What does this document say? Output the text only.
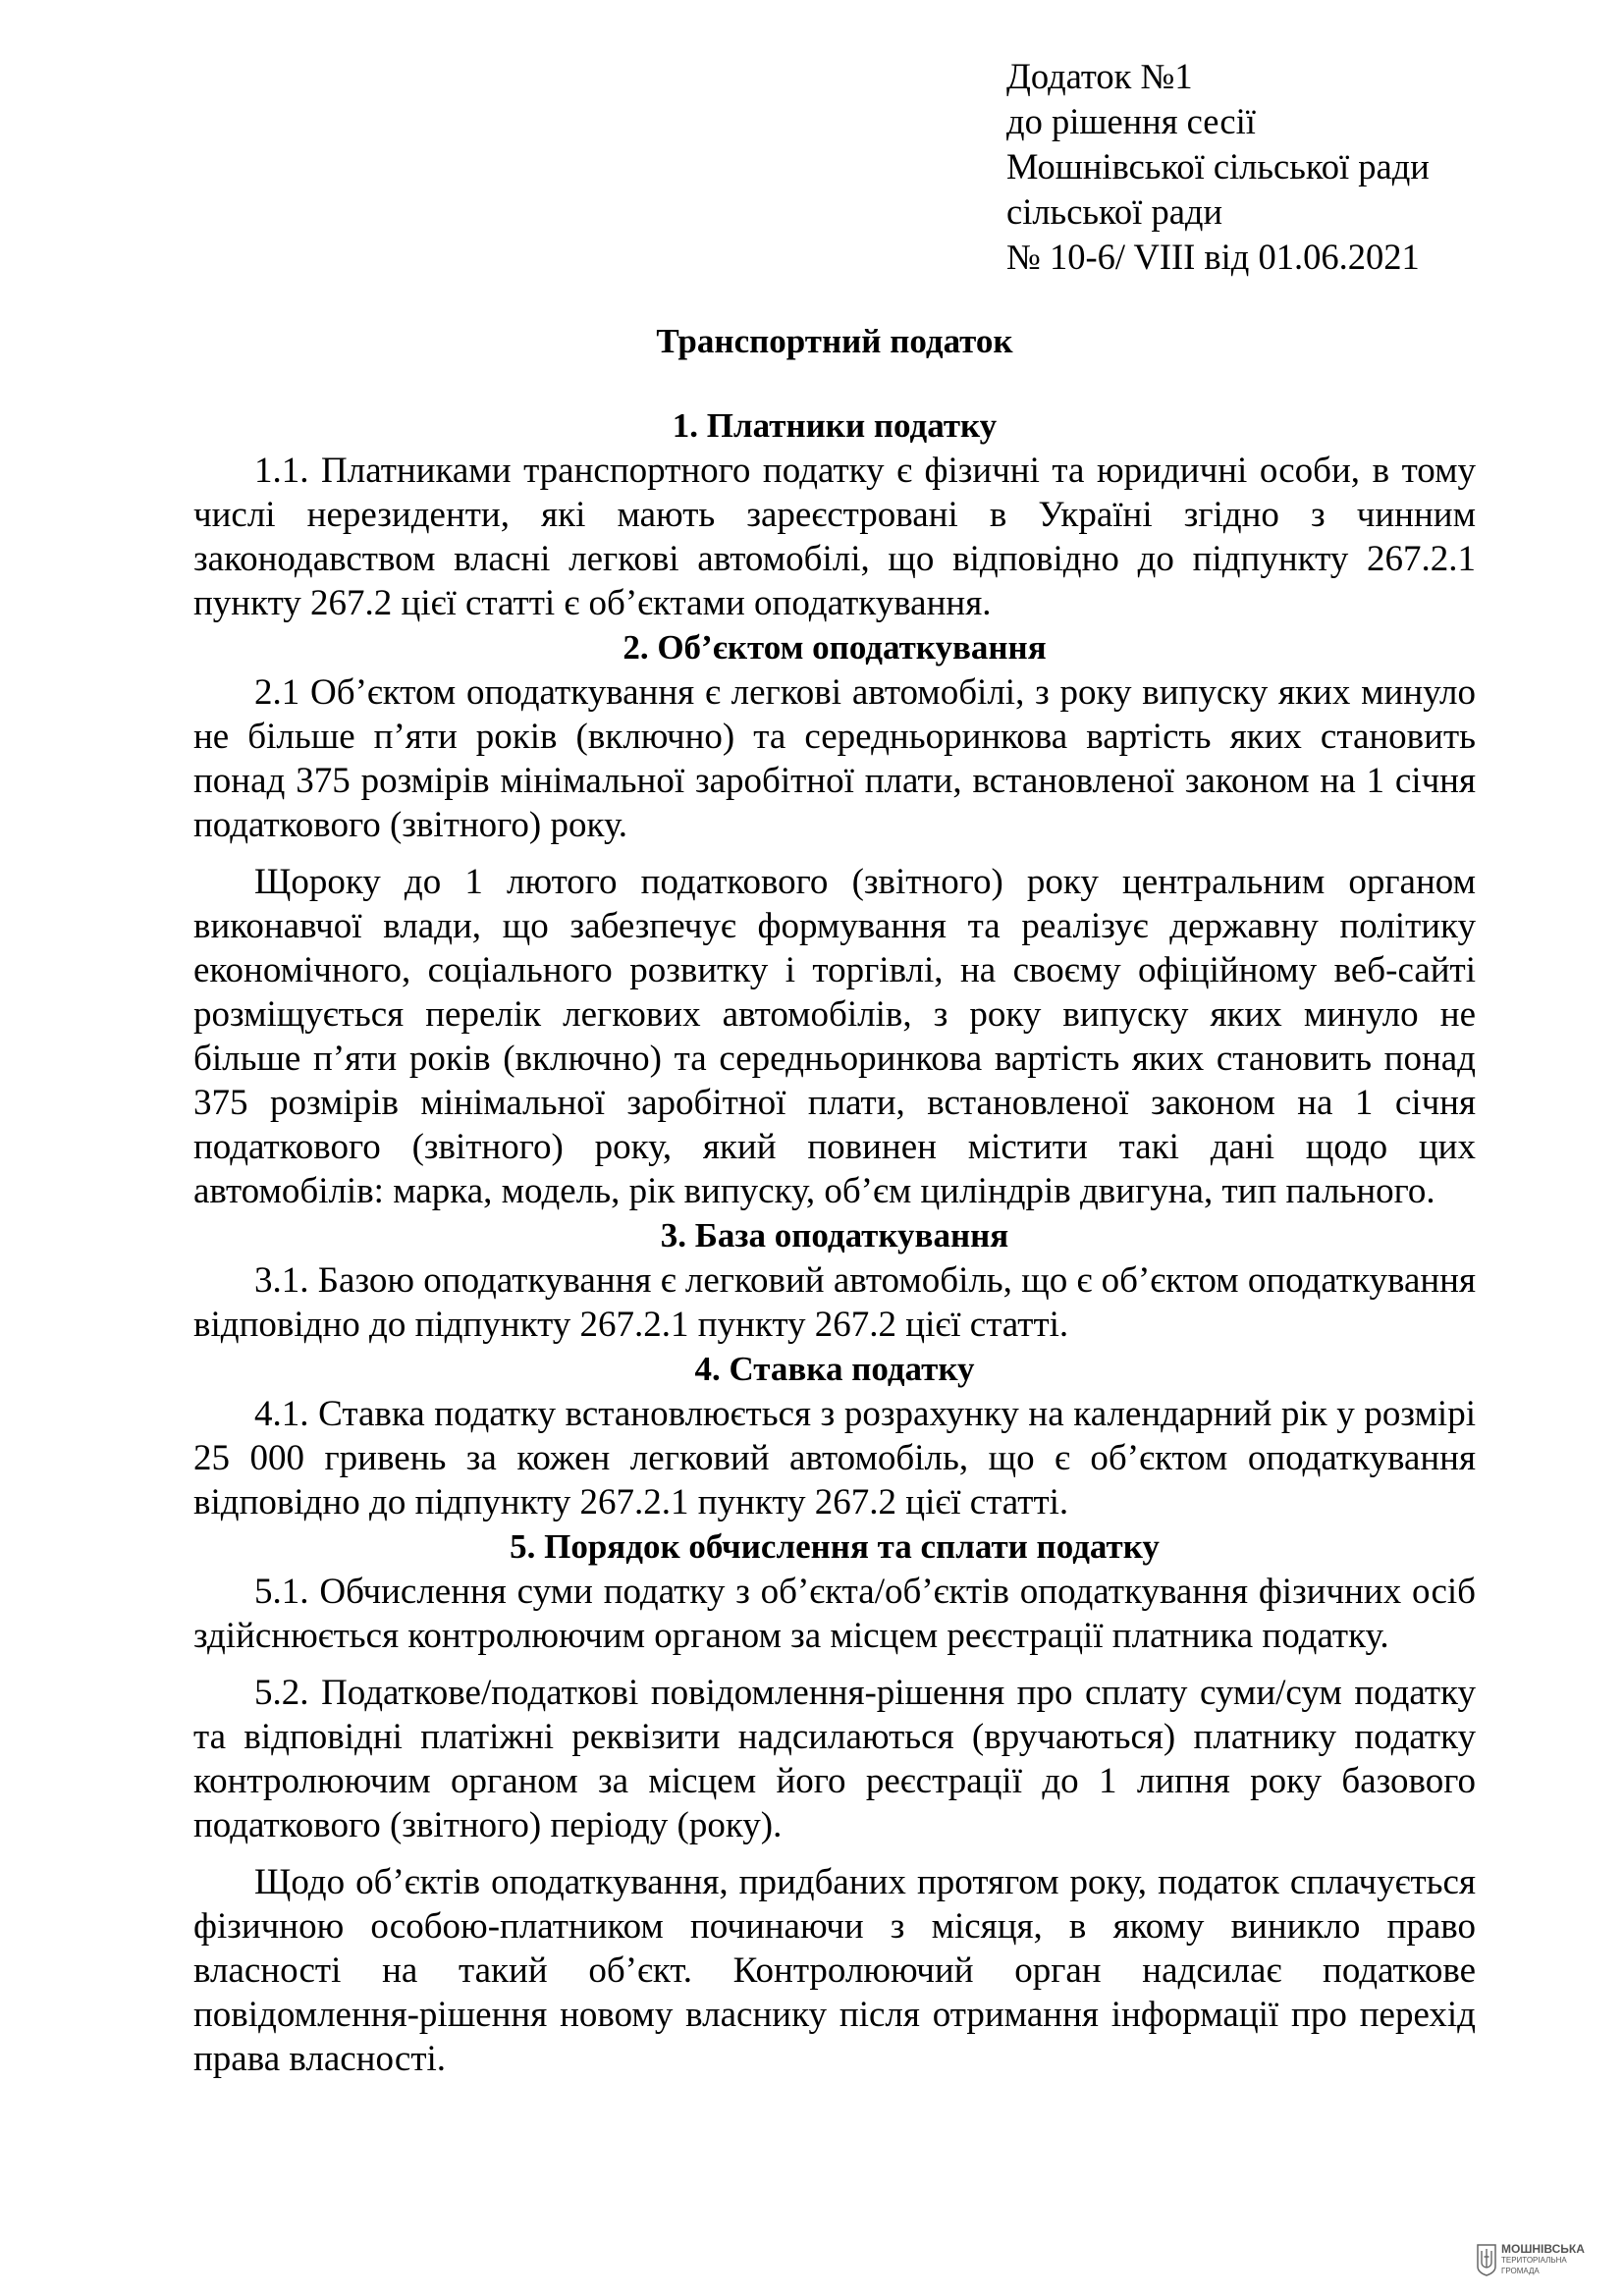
Додаток №1
до рішення сесії
Мошнівської сільської ради
сільської ради
№ 10-6/ VIII від 01.06.2021
Транспортний податок
1. Платники податку

1.1. Платниками транспортного податку є фізичні та юридичні особи, в тому числі нерезиденти, які мають зареєстровані в Україні згідно з чинним законодавством власні легкові автомобілі, що відповідно до підпункту 267.2.1 пункту 267.2 цієї статті є об’єктами оподаткування.

2. Об’єктом оподаткування

2.1 Об’єктом оподаткування є легкові автомобілі, з року випуску яких минуло не більше п’яти років (включно) та середньоринкова вартість яких становить понад 375 розмірів мінімальної заробітної плати, встановленої законом на 1 січня податкового (звітного) року.

Щороку до 1 лютого податкового (звітного) року центральним органом виконавчої влади, що забезпечує формування та реалізує державну політику економічного, соціального розвитку і торгівлі, на своєму офіційному веб-сайті розміщується перелік легкових автомобілів, з року випуску яких минуло не більше п’яти років (включно) та середньоринкова вартість яких становить понад 375 розмірів мінімальної заробітної плати, встановленої законом на 1 січня податкового (звітного) року, який повинен містити такі дані щодо цих автомобілів: марка, модель, рік випуску, об’єм циліндрів двигуна, тип пального.

3. База оподаткування

3.1. Базою оподаткування є легковий автомобіль, що є об’єктом оподаткування відповідно до підпункту 267.2.1 пункту 267.2 цієї статті.

4. Ставка податку

4.1. Ставка податку встановлюється з розрахунку на календарний рік у розмірі 25 000 гривень за кожен легковий автомобіль, що є об’єктом оподаткування відповідно до підпункту 267.2.1 пункту 267.2 цієї статті.

5. Порядок обчислення та сплати податку

5.1. Обчислення суми податку з об’єкта/об’єктів оподаткування фізичних осіб здійснюється контролюючим органом за місцем реєстрації платника податку.

5.2. Податкове/податкові повідомлення-рішення про сплату суми/сум податку та відповідні платіжні реквізити надсилаються (вручаються) платнику податку контролюючим органом за місцем його реєстрації до 1 липня року базового податкового (звітного) періоду (року).

Щодо об’єктів оподаткування, придбаних протягом року, податок сплачується фізичною особою-платником починаючи з місяця, в якому виникло право власності на такий об’єкт. Контролюючий орган надсилає податкове повідомлення-рішення новому власнику після отримання інформації про перехід права власності.

МОШНІВСЬКА
ТЕРИТОРІАЛЬНА
ГРОМАДА
